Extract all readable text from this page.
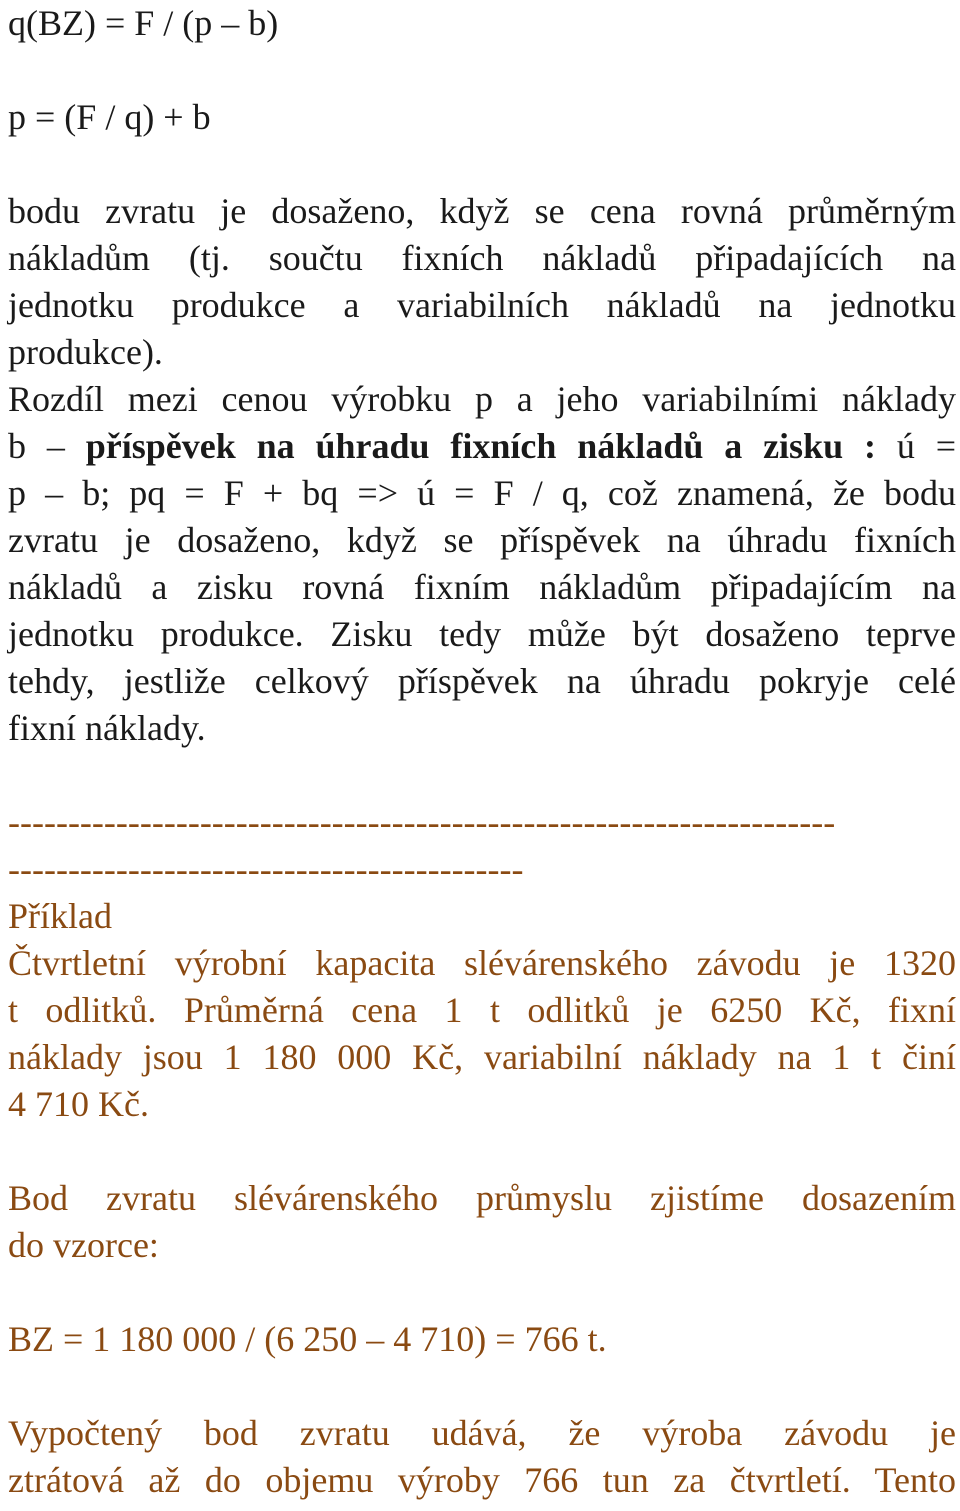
q(BZ) = F / (p – b)

p = (F / q) + b

bodu zvratu je dosaženo, když se cena rovná průměrným

nákladům (tj. součtu fixních nákladů připadajících na

jednotku produkce a variabilních nákladů na jednotku

produkce).

Rozdíl mezi cenou výrobku p a jeho variabilními náklady

b – příspěvek na úhradu fixních nákladů a zisku : ú =

p – b; pq = F + bq => ú = F / q, což znamená, že bodu

zvratu je dosaženo, když se příspěvek na úhradu fixních

nákladů a zisku rovná fixním nákladům připadajícím na

jednotku produkce. Zisku tedy může být dosaženo teprve

tehdy, jestliže celkový příspěvek na úhradu pokryje celé

fixní náklady.

---------------------------------------------------------------------

-------------------------------------------

Příklad

Čtvrtletní výrobní kapacita slévárenského závodu je 1320

t odlitků. Průměrná cena 1 t odlitků je 6250 Kč, fixní

náklady jsou 1 180 000 Kč, variabilní náklady na 1 t činí

4 710 Kč.

Bod zvratu slévárenského průmyslu zjistíme dosazením

do vzorce:

BZ = 1 180 000 / (6 250 – 4 710) = 766 t.

Vypočtený bod zvratu udává, že výroba závodu je

ztrátová až do objemu výroby 766 tun za čtvrtletí. Tento
